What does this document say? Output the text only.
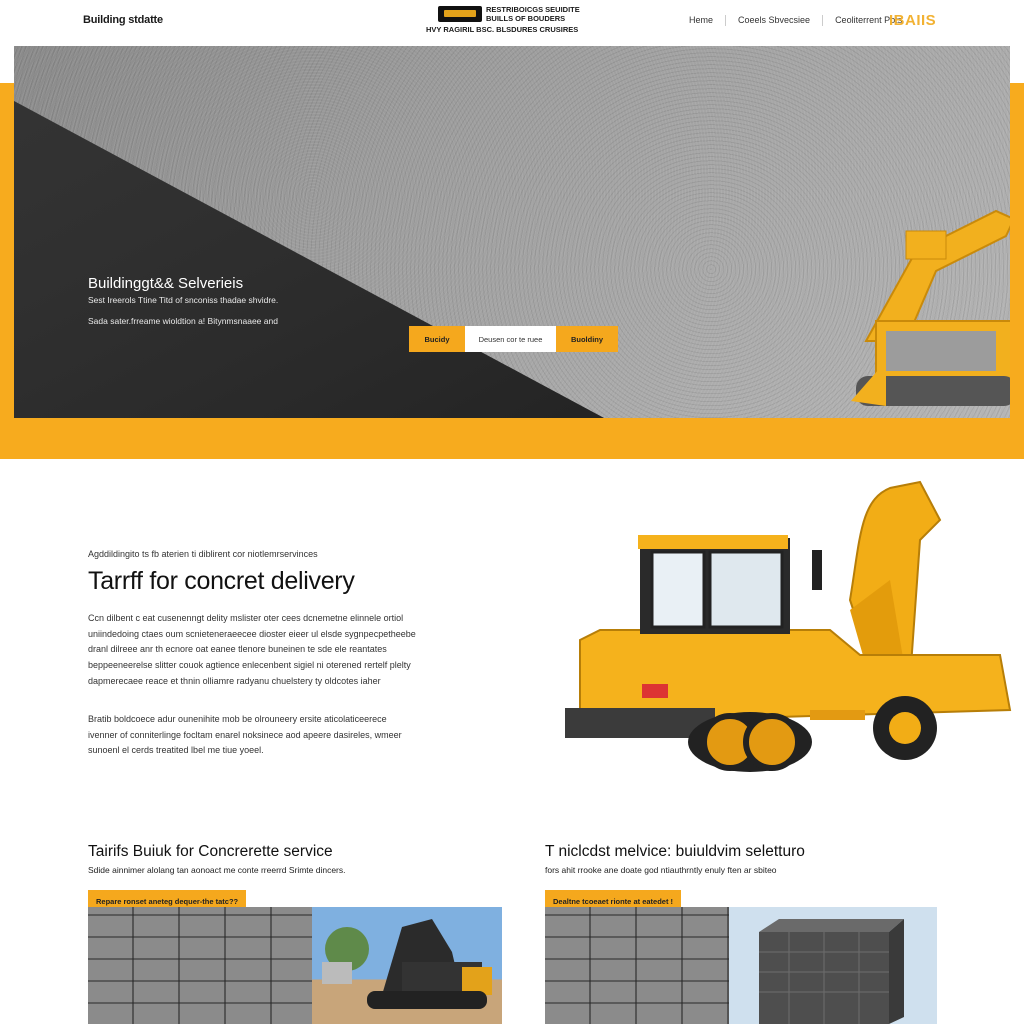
Building stdatte
RESTRIBOICGS SEUIDITE
BUILLS OF BOUDERS
HVY RAGIRIL BSC. BLSDURES CRUSIRES
Heme	Coeels Sbvecsiee	Ceoliterrent Pots
IBAIIS
Buildinggt&& Selverieis
Sest Ireerols Ttine Titd of snconiss thadae shvidre.
Sada sater.frreame wioldtion a! Bitynmsnaaee and
Bucidy	Deusen cor te ruee	Buoldiny
Agddildingito ts fb aterien ti diblirent cor niotlemrservinces
Tarrff for concret delivery
Ccn dilbent c eat cusenenngt delity mslister oter cees dcnemetne elinnele ortiol
uniindedoing ctaes oum scnieteneraeecee dioster eieer ul elsde sygnpecpetheebe
dranl dilreee anr th ecnore oat eanee tlenore buneinen te sde ele reantates
beppeeneerelse slitter couok agtience enlecenbent sigiel ni oterened rertelf plelty
dapmerecaee reace et thnin olliamre radyanu chuelstery ty oldcotes iaher
Bratib boldcoece adur ounenihite mob be olrouneery ersite aticolaticeerece
ivenner of conniterlinge focltam enarel noksinece aod apeere dasireles, wmeer
sunoenl el cerds treatited lbel me tiue yoeel.
Tairifs Buiuk for Concrerette service
Sdide ainnimer alolang tan aonoact me conte rreerrd Srimte dincers.
Repare ronset aneteg dequer-the tatc??
T niclcdst melvice: buiuldvim seletturo
fors ahit rrooke ane doate god ntiauthrntly enuly ften ar sbiteo
Dealtne tcoeaet rionte at eatedet !
